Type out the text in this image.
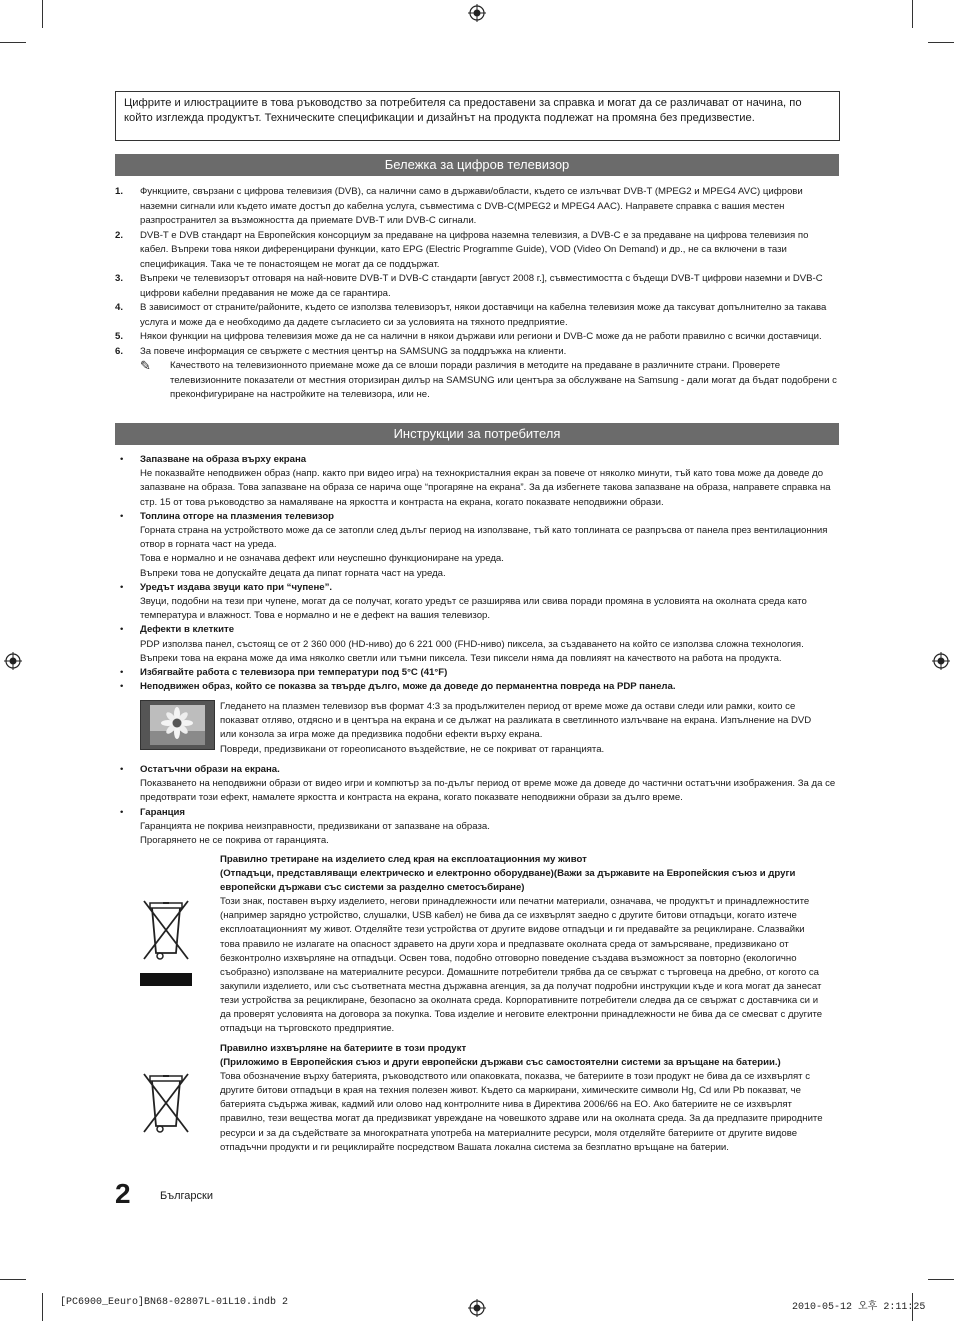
Цифрите и илюстрациите в това ръководство за потребителя са предоставени за справка и могат да се различават от начина, по който изглежда продуктът. Техническите спецификации и дизайнът на продукта подлежат на промяна без предизвестие.
Бележка за цифров телевизор
1.	Функциите, свързани с цифрова телевизия (DVB), са налични само в държави/области, където се излъчват DVB-T (MPEG2 и MPEG4 AVC) цифрови наземни сигнали или където имате достъп до кабелна услуга, съвместима с DVB-C(MPEG2 и MPEG4 AAC). Направете справка с вашия местен разпространител за възможността да приемате DVB-T или DVB-C сигнали.
2.	DVB-T е DVB стандарт на Европейския консорциум за предаване на цифрова наземна телевизия, а DVB-C е за предаване на цифрова телевизия по кабел. Въпреки това някои диференцирани функции, като EPG (Electric Programme Guide), VOD (Video On Demand) и др., не са включени в тази спецификация. Така че те понастоящем не могат да се поддържат.
3.	Въпреки че телевизорът отговаря на най-новите DVB-T и DVB-C стандарти [август 2008 г.], съвместимостта с бъдещи DVB-T цифрови наземни и DVB-C цифрови кабелни предавания не може да се гарантира.
4.	В зависимост от страните/районите, където се използва телевизорът, някои доставчици на кабелна телевизия може да таксуват допълнително за такава услуга и може да е необходимо да дадете съгласието си за условията на тяхното предприятие.
5.	Някои функции на цифрова телевизия може да не са налични в някои държави или региони и DVB-C може да не работи правилно с всички доставчици.
6.	За повече информация се свържете с местния център на SAMSUNG за поддръжка на клиенти.
✎	Качеството на телевизионното приемане може да се влоши поради различия в методите на предаване в различните страни. Проверете телевизионните показатели от местния оторизиран дилър на SAMSUNG или центъра за обслужване на Samsung - дали могат да бъдат подобрени с преконфигуриране на настройките на телевизора, или не.
Инструкции за потребителя
•	Запазване на образа върху екрана
Не показвайте неподвижен образ (напр. както при видео игра) на технокристалния екран за повече от няколко минути, тъй като това може да доведе до запазване на образа. Това запазване на образа се нарича още “прогаряне на екрана”. За да избегнете такова запазване на образа, направете справка на стр. 15 от това ръководство за намаляване на яркостта и контраста на екрана, когато показвате неподвижни образи.
•	Топлина отгоре на плазмения телевизор
Горната страна на устройството може да се затопли след дълъг период на използване, тъй като топлината се разпръсва от панела през вентилационния отвор в горната част на уреда.
Това е нормално и не означава дефект или неуспешно функциониране на уреда.
Въпреки това не допускайте децата да пипат горната част на уреда.
•	Уредът издава звуци като при “чупене”.
Звуци, подобни на тези при чупене, могат да се получат, когато уредът се разширява или свива поради промяна в условията на околната среда като температура и влажност. Това е нормално и не е дефект на вашия телевизор.
•	Дефекти в клетките
PDP използва панел, състоящ се от 2 360 000 (HD-ниво) до 6 221 000 (FHD-ниво) пиксела, за създаването на който се използва сложна технология. Въпреки това на екрана може да има няколко светли или тъмни пиксела. Тези пиксели няма да повлияят на качеството на работа на продукта.
•	Избягвайте работа с телевизора при температури под 5°C (41°F)
•	Неподвижен образ, който се показва за твърде дълго, може да доведе до перманентна повреда на PDP панела.
Гледането на плазмен телевизор във формат 4:3 за продължителен период от време може да остави следи или рамки, които се показват отляво, отдясно и в центъра на екрана и се дължат на разликата в светлинното излъчване на екрана. Изпълнение на DVD или конзола за игра може да предизвика подобни ефекти върху екрана.
Повреди, предизвикани от гореописаното въздействие, не се покриват от гаранцията.
•	Остатъчни образи на екрана.
Показването на неподвижни образи от видео игри и компютър за по-дълъг период от време може да доведе до частични остатъчни изображения. За да се предотврати този ефект, намалете яркостта и контраста на екрана, когато показвате неподвижни образи за дълго време.
•	Гаранция
Гаранцията не покрива неизправности, предизвикани от запазване на образа.
Прогарянето не се покрива от гаранцията.
Правилно третиране на изделието след края на експлоатационния му живот
(Отпадъци, представляващи електрическо и електронно оборудване)(Важи за държавите на Европейския съюз и други европейски държави със системи за разделно сметосъбиране)
Този знак, поставен върху изделието, негови принадлежности или печатни материали, означава, че продуктът и принадлежностите (например зарядно устройство, слушалки, USB кабел) не бива да се изхвърлят заедно с другите битови отпадъци, когато изтече експлоатационният му живот. Отделяйте тези устройства от другите видове отпадъци и ги предавайте за рециклиране. Слазвайки това правило не излагате на опасност здравето на други хора и предпазвате околната среда от замърсяване, предизвикано от безконтролно изхвърляне на отпадъци. Освен това, подобно отговорно поведение създава възможност за повторно (екологично съобразно) използване на материалните ресурси. Домашните потребители трябва да се свържат с търговеца на дребно, от когото са закупили изделието, или със съответната местна държавна агенция, за да получат подробни инструкции къде и кога могат да занесат тези устройства за рециклиране, безопасно за околната среда. Корпоративните потребители следва да се свържат с доставчика си и да проверят условията на договора за покупка. Това изделие и неговите електронни принадлежности не бива да се смесват с другите отпадъци на търговското предприятие.
Правилно изхвърляне на батериите в този продукт
(Приложимо в Европейския съюз и други европейски държави със самостоятелни системи за връщане на батерии.)
Това обозначение върху батерията, ръководството или опаковката, показва, че батериите в този продукт не бива да се изхвърлят с другите битови отпадъци в края на техния полезен живот. Където са маркирани, химическите символи Hg, Cd или Pb показват, че батерията съдържа живак, кадмий или олово над контролните нива в Директива 2006/66 на ЕО. Ако батериите не се изхвърлят правилно, тези вещества могат да предизвикат увреждане на човешкото здраве или на околната среда. За да предпазите природните ресурси и за да съдействате за многократната употреба на материалните ресурси, моля отделяйте батериите от другите видове отпадъчни продукти и ги рециклирайте посредством Вашата локална система за безплатно връщане на батерии.
2	Български
[PC6900_Eeuro]BN68-02807L-01L10.indb 2	2010-05-12 오후 2:11:25
